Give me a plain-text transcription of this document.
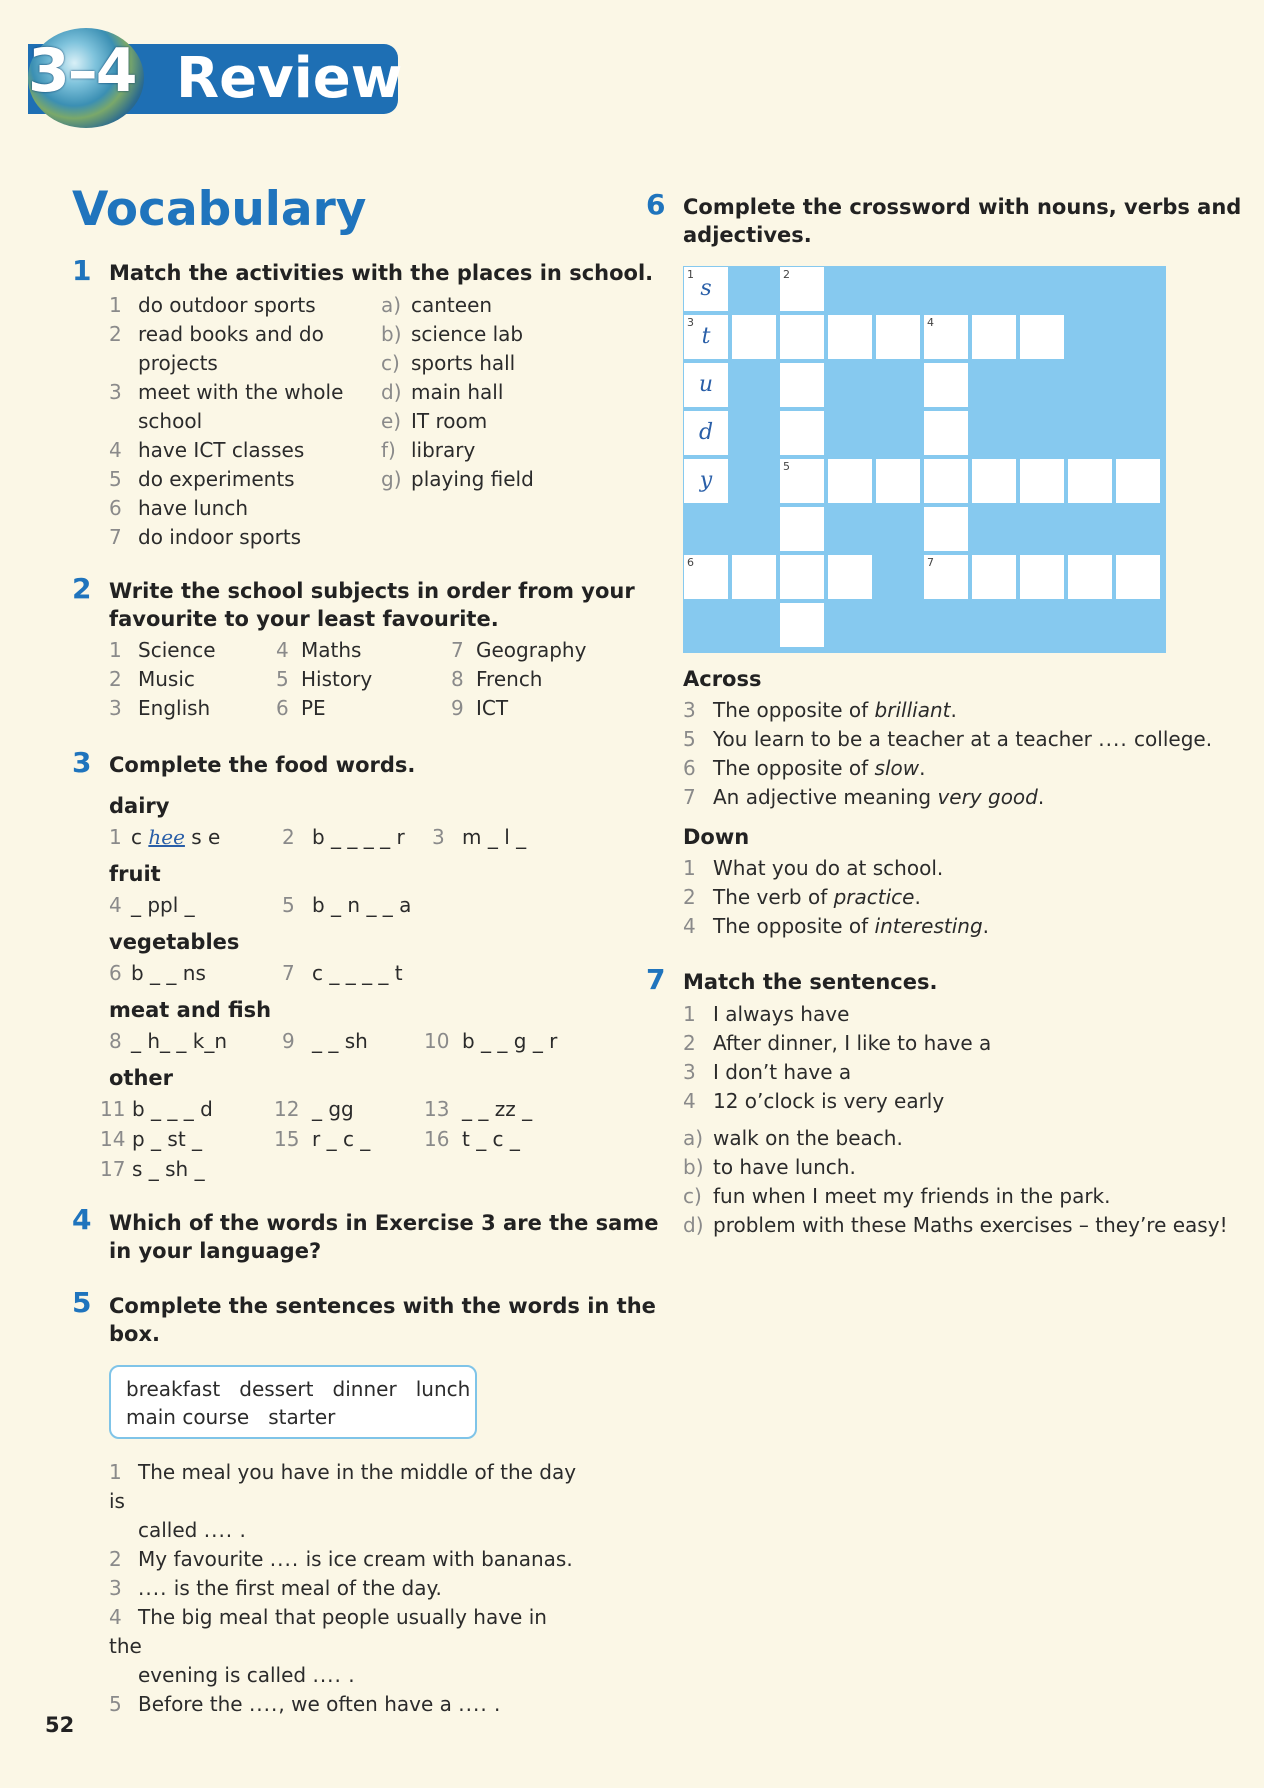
3–4 Review
Vocabulary
1 Match the activities with the places in school.
1 do outdoor sports
2 read books and do
projects
3 meet with the whole
school
4 have ICT classes
5 do experiments
6 have lunch
7 do indoor sports
a) canteen
b) science lab
c) sports hall
d) main hall
e) IT room
f) library
g) playing field
2 Write the school subjects in order from your
favourite to your least favourite.
1 Science
2 Music
3 English
4 Maths
5 History
6 PE
7 Geography
8 French
9 ICT
3 Complete the food words.
dairy
1 c hee s e	2 b _ _ _ _ r 3 m _ l _
fruit
4 _ ppl _	5 b _ n _ _ a
vegetables
6 b _ _ ns	7 c _ _ _ _ t
meat and fish
8 _ h_ _ k_n	9 _ _ sh	10 b _ _ g _ r
other
11 b _ _ _ d	12 _ gg	13 _ _ zz _
14 p _ st _	15 r _ c _	16 t _ c _
17 s _ sh _
4 Which of the words in Exercise 3 are the same
in your language?
5 Complete the sentences with the words in the
box.
breakfast   dessert   dinner   lunch
main course   starter
1 The meal you have in the middle of the day is
called .... .
2 My favourite .... is ice cream with bananas.
3 .... is the first meal of the day.
4 The big meal that people usually have in the
evening is called .... .
5 Before the ...., we often have a .... .
6 Complete the crossword with nouns, verbs and
adjectives.
1
s
2
3
t
4
u
d
y
5
6	7
Across
3 The opposite of brilliant.
5 You learn to be a teacher at a teacher .... college.
6 The opposite of slow.
7 An adjective meaning very good.
Down
1 What you do at school.
2 The verb of practice.
4 The opposite of interesting.
7 Match the sentences.
1 I always have
2 After dinner, I like to have a
3 I don’t have a
4 12 o’clock is very early
a) walk on the beach.
b) to have lunch.
c) fun when I meet my friends in the park.
d) problem with these Maths exercises – they’re easy!
52
